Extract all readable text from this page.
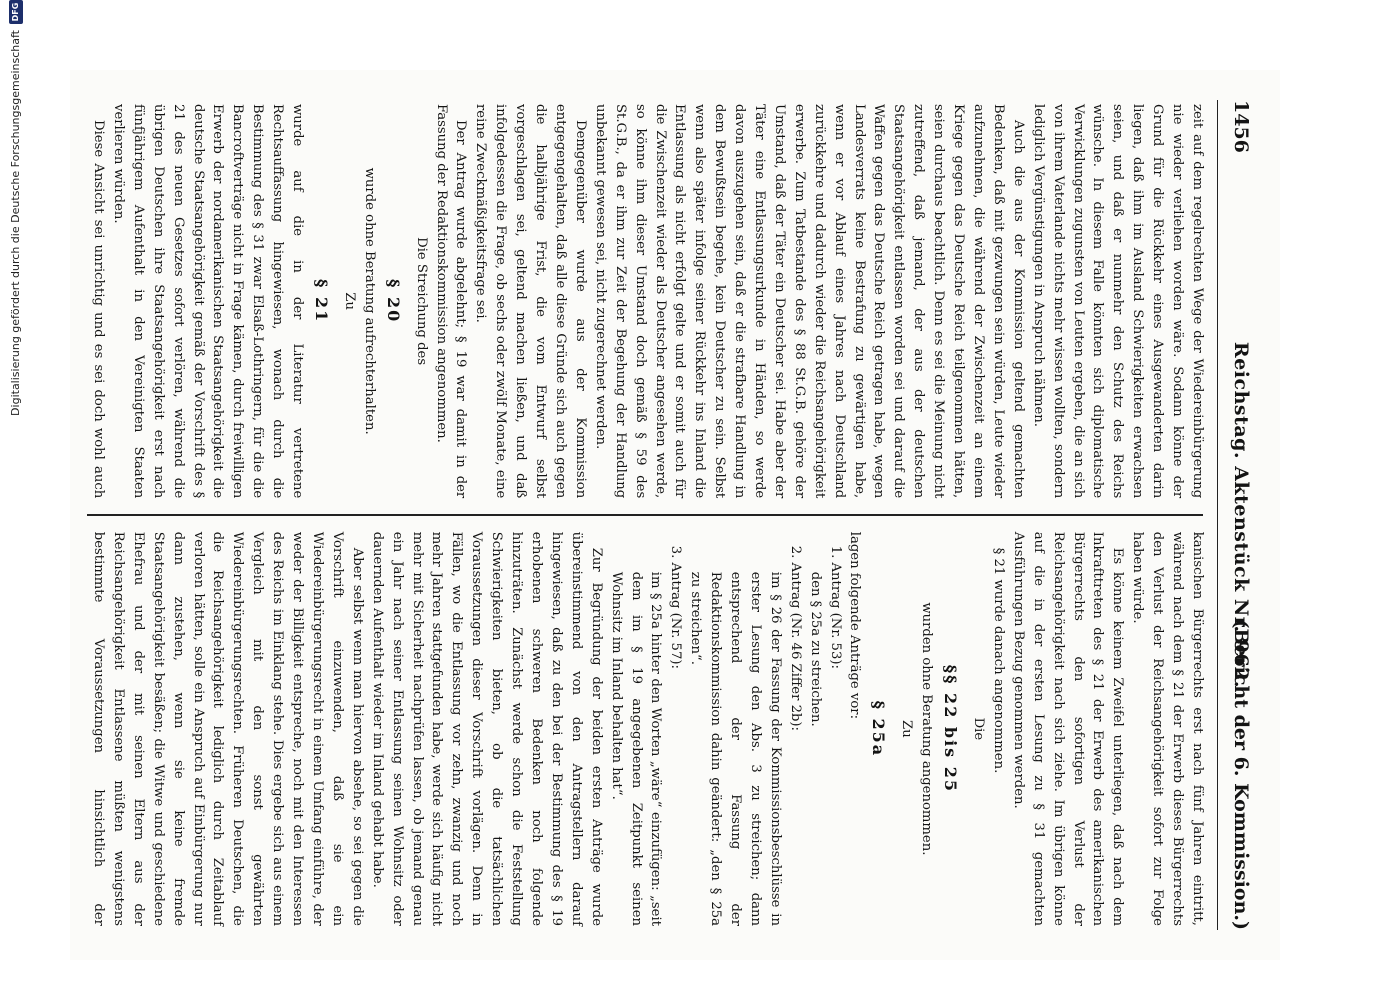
1456
Reichstag. Aktenstück Nr. 962.
(Bericht der 6. Kommission.)

zeit auf dem regelrechten Wege der Wiedereinbürgerung nie wieder verliehen worden wäre. Sodann könne der Grund für die Rückkehr eines Ausgewanderten darin liegen, daß ihm im Ausland Schwierigkeiten erwachsen seien, und daß er nunmehr den Schutz des Reichs wünsche. In diesem Falle könnten sich diplomatische Verwicklungen zugunsten von Leuten ergeben, die an sich von ihrem Vaterlande nichts mehr wissen wollten, sondern lediglich Vergünstigungen in Anspruch nähmen.

Auch die aus der Kommission geltend gemachten Bedenken, daß mit gezwungen sein würden, Leute wieder aufzunehmen, die während der Zwischenzeit an einem Kriege gegen das Deutsche Reich teilgenommen hätten, seien durchaus beachtlich. Denn es sei die Meinung nicht zutreffend, daß jemand, der aus der deutschen Staatsangehörigkeit entlassen worden sei und darauf die Waffen gegen das Deutsche Reich getragen habe, wegen Landesverrats keine Bestrafung zu gewärtigen habe, wenn er vor Ablauf eines Jahres nach Deutschland zurückkehre und dadurch wieder die Reichsangehörigkeit erwerbe. Zum Tatbestande des § 88 St.G.B. gehöre der Umstand, daß der Täter ein Deutscher sei. Habe aber der Täter eine Entlassungsurkunde in Händen, so werde davon auszugehen sein, daß er die strafbare Handlung in dem Bewußtsein begehe, kein Deutscher zu sein. Selbst wenn also später infolge seiner Rückkehr ins Inland die Entlassung als nicht erfolgt gelte und er somit auch für die Zwischenzeit wieder als Deutscher angesehen werde, so könne ihm dieser Umstand doch gemäß § 59 des St.G.B., da er ihm zur Zeit der Begehung der Handlung unbekannt gewesen sei, nicht zugerechnet werden.

Demgegenüber wurde aus der Kommission entgegengehalten, daß alle diese Gründe sich auch gegen die halbjährige Frist, die vom Entwurf selbst vorgeschlagen sei, geltend machen ließen, und daß infolgedessen die Frage, ob sechs oder zwölf Monate, eine reine Zweckmäßigkeitsfrage sei.

Der Antrag wurde abgelehnt; § 19 war damit in der Fassung der Redaktionskommission angenommen.

Die Streichung des

§ 20

wurde ohne Beratung aufrechterhalten.

Zu

§ 21

wurde auf die in der Literatur vertretene Rechtsauffassung hingewiesen, wonach durch die Bestimmung des § 31 zwar Elsaß-Lothringern, für die die Bancroftverträge nicht in Frage kämen, durch freiwilligen Erwerb der nordamerikanischen Staatsangehörigkeit die deutsche Staatsangehörigkeit gemäß der Vorschrift des § 21 des neuen Gesetzes sofort verlören, während die übrigen Deutschen ihre Staatsangehörigkeit erst nach fünfjährigem Aufenthalt in den Vereinigten Staaten verlieren würden.

Diese Ansicht sei unrichtig und es sei doch wohl auch

kanischen Bürgerrechts erst nach fünf Jahren eintritt, während nach dem § 21 der Erwerb dieses Bürgerrechts den Verlust der Reichsangehörigkeit sofort zur Folge haben würde.

Es könne keinem Zweifel unterliegen, daß nach dem Inkrafttreten des § 21 der Erwerb des amerikanischen Bürgerrechts den sofortigen Verlust der Reichsangehörigkeit nach sich ziehe. Im übrigen könne auf die in der ersten Lesung zu § 31 gemachten Ausführungen Bezug genommen werden.

§ 21 wurde danach angenommen.

Die

§§ 22 bis 25

wurden ohne Beratung angenommen.

Zu

§ 25a

lagen folgende Anträge vor:

1. Antrag (Nr. 53):
den § 25a zu streichen.
2. Antrag (Nr. 46 Ziffer 2b):
im § 26 der Fassung der Kommissionsbeschlüsse in erster Lesung den Abs. 3 zu streichen; dann entsprechend der Fassung der Redaktionskommission dahin geändert: „den § 25a zu streichen“.
3. Antrag (Nr. 57):
im § 25a hinter den Worten „wäre“ einzufügen: „seit dem im § 19 angegebenen Zeitpunkt seinen Wohnsitz im Inland behalten hat“.

Zur Begründung der beiden ersten Anträge wurde übereinstimmend von den Antragstellern darauf hingewiesen, daß zu den bei der Bestimmung des § 19 erhobenen schweren Bedenken noch folgende hinzuträten. Zunächst werde schon die Feststellung Schwierigkeiten bieten, ob die tatsächlichen Voraussetzungen dieser Vorschrift vorlägen. Denn in Fällen, wo die Entlassung vor zehn, zwanzig und noch mehr Jahren stattgefunden habe, werde sich häufig nicht mehr mit Sicherheit nachprüfen lassen, ob jemand genau ein Jahr nach seiner Entlassung seinen Wohnsitz oder dauernden Aufenthalt wieder im Inland gehabt habe.

Aber selbst wenn man hiervon absehe, so sei gegen die Vorschrift einzuwenden, daß sie ein Wiedereinbürgerungsrecht in einem Umfang einführe, der weder der Billigkeit entspreche, noch mit den Interessen des Reichs im Einklang stehe. Dies ergebe sich aus einem Vergleich mit den sonst gewährten Wiedereinbürgerungsrechten. Früheren Deutschen, die die Reichsangehörigkeit lediglich durch Zeitablauf verloren hätten, solle ein Anspruch auf Einbürgerung nur dann zustehen, wenn sie keine fremde Staatsangehörigkeit besäßen; die Witwe und geschiedene Ehefrau und der mit seinen Eltern aus der Reichsangehörigkeit Entlassene müßten wenigstens bestimmte Voraussetzungen hinsichtlich der

Digitalisierung gefördert durch die Deutsche Forschungsgemeinschaft
DFG
